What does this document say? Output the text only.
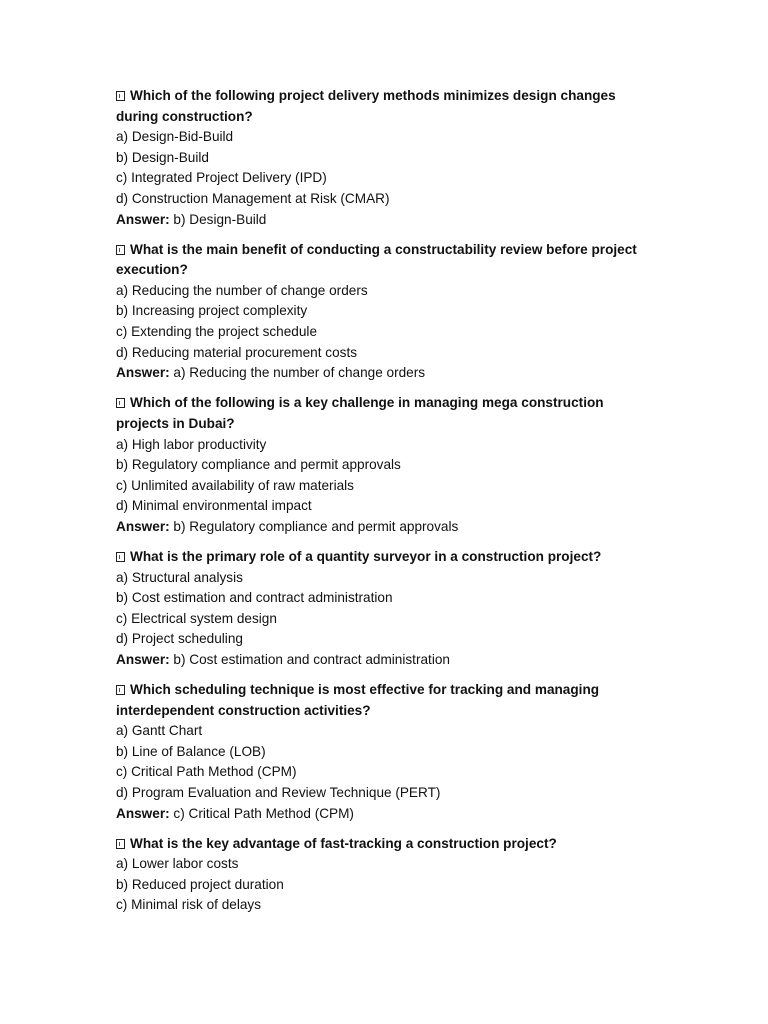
Which of the following project delivery methods minimizes design changes during construction?
a) Design-Bid-Build
b) Design-Build
c) Integrated Project Delivery (IPD)
d) Construction Management at Risk (CMAR)
Answer: b) Design-Build
What is the main benefit of conducting a constructability review before project execution?
a) Reducing the number of change orders
b) Increasing project complexity
c) Extending the project schedule
d) Reducing material procurement costs
Answer: a) Reducing the number of change orders
Which of the following is a key challenge in managing mega construction projects in Dubai?
a) High labor productivity
b) Regulatory compliance and permit approvals
c) Unlimited availability of raw materials
d) Minimal environmental impact
Answer: b) Regulatory compliance and permit approvals
What is the primary role of a quantity surveyor in a construction project?
a) Structural analysis
b) Cost estimation and contract administration
c) Electrical system design
d) Project scheduling
Answer: b) Cost estimation and contract administration
Which scheduling technique is most effective for tracking and managing interdependent construction activities?
a) Gantt Chart
b) Line of Balance (LOB)
c) Critical Path Method (CPM)
d) Program Evaluation and Review Technique (PERT)
Answer: c) Critical Path Method (CPM)
What is the key advantage of fast-tracking a construction project?
a) Lower labor costs
b) Reduced project duration
c) Minimal risk of delays
